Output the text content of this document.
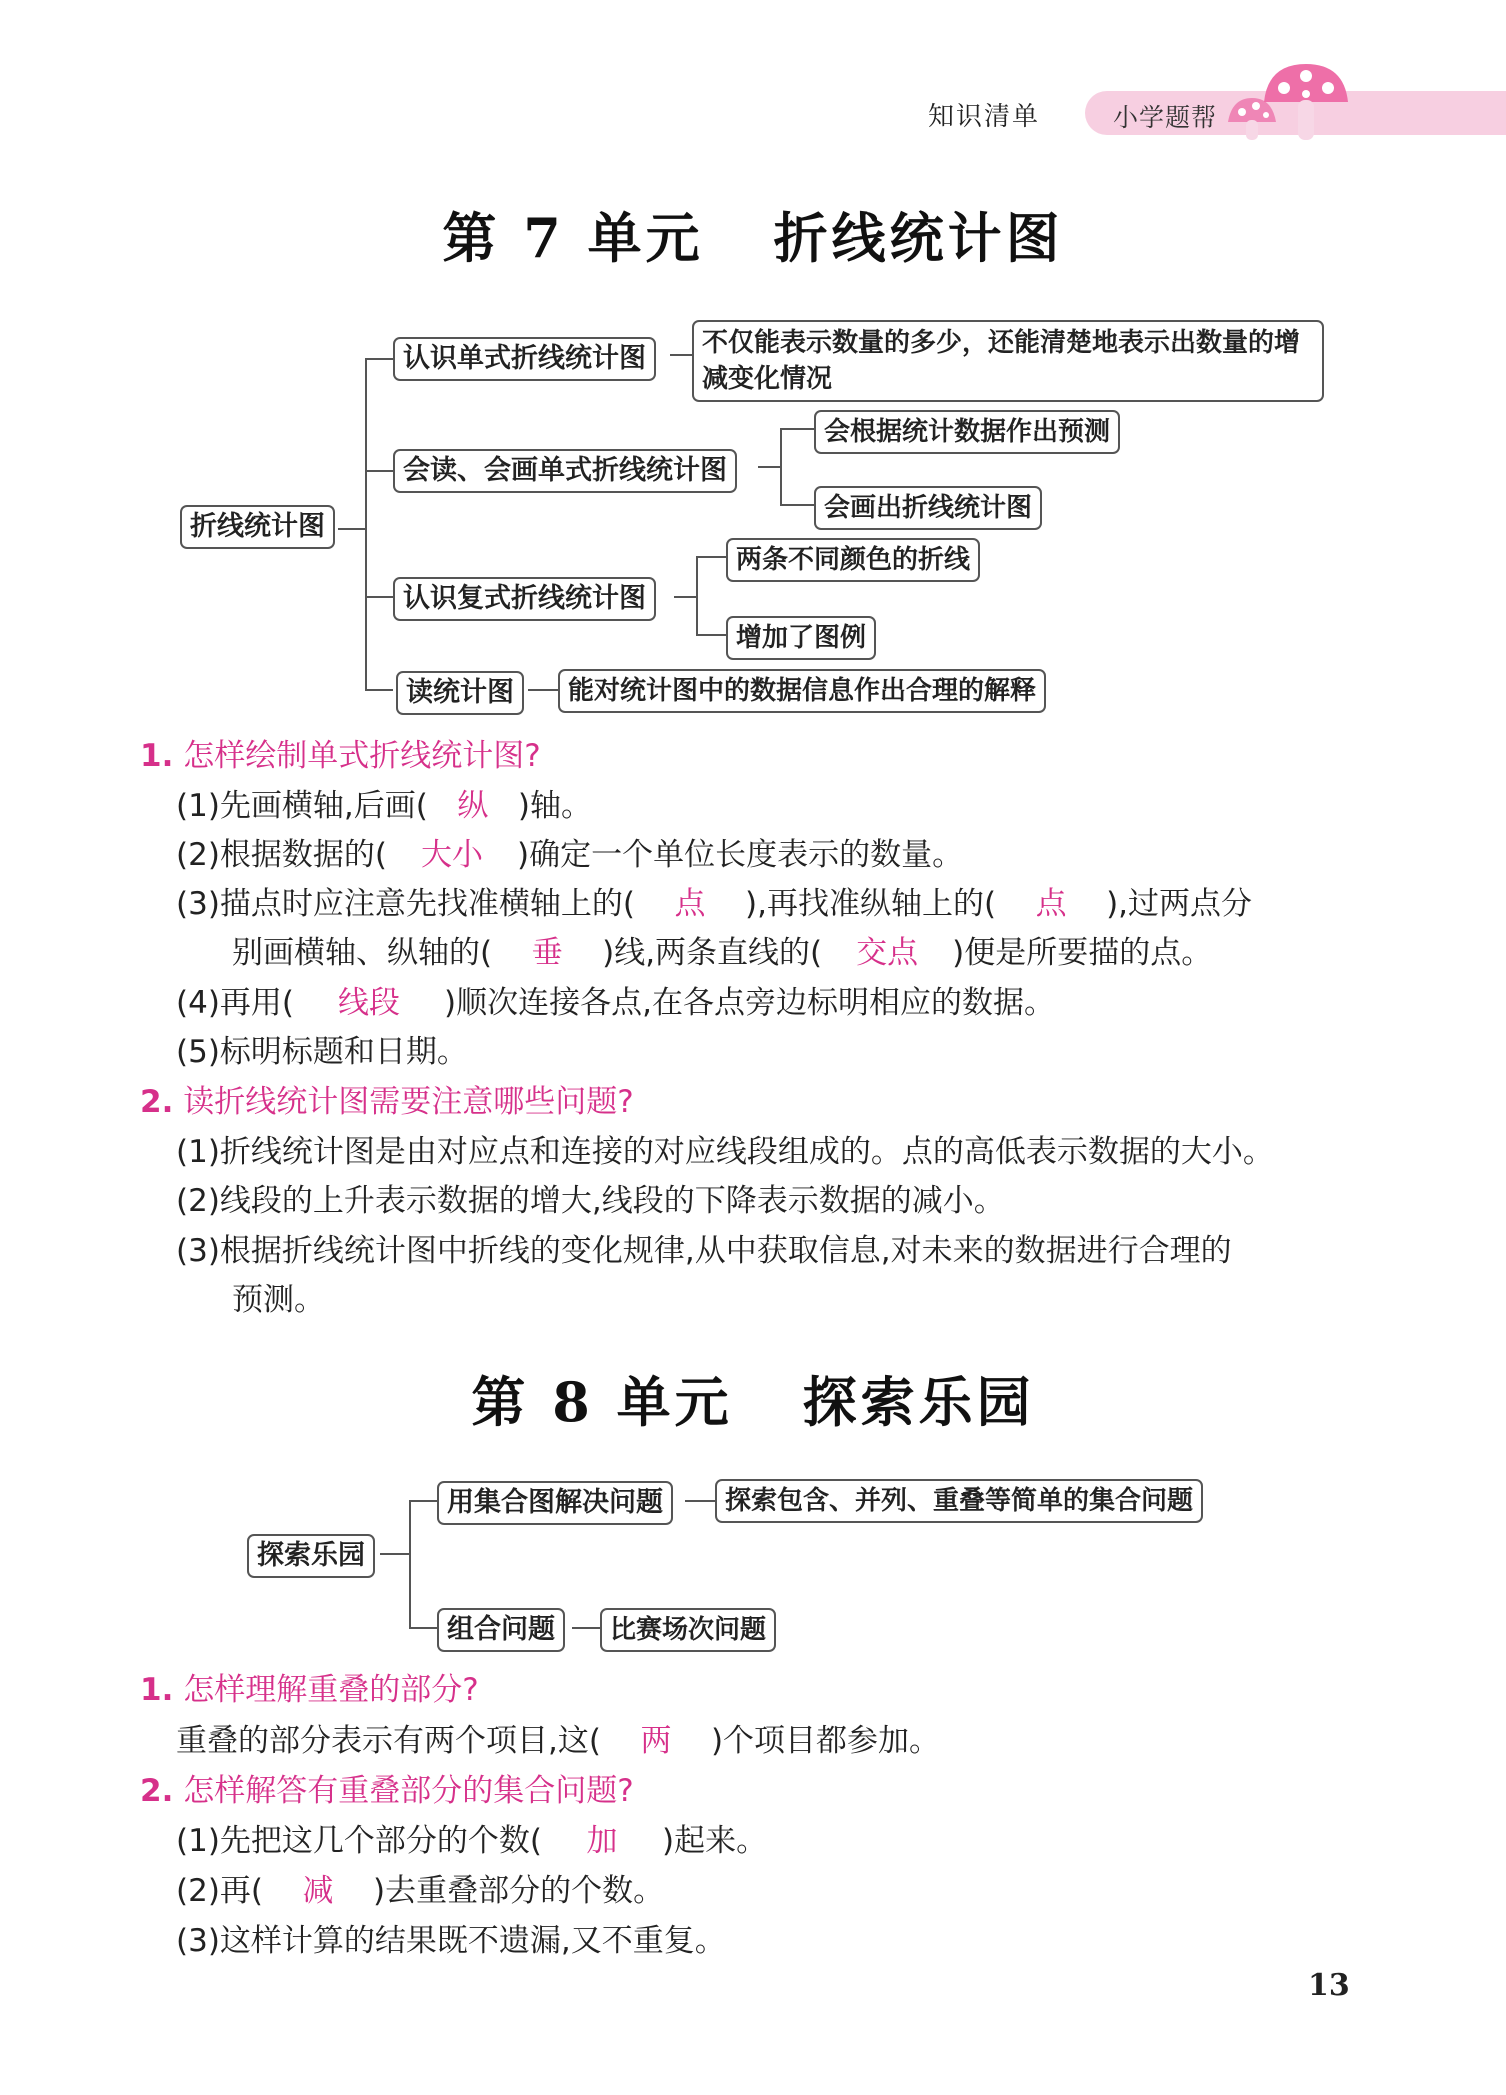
知识清单	小学题帮
第 7 单元 折线统计图
折线统计图
认识单式折线统计图	不仅能表示数量的多少，还能清楚地表示出数量的增减变化情况
会读、会画单式折线统计图
会根据统计数据作出预测
会画出折线统计图
认识复式折线统计图
两条不同颜色的折线
增加了图例
读统计图	能对统计图中的数据信息作出合理的解释
1. 怎样绘制单式折线统计图?
(1)先画横轴,后画( 纵 )轴。
(2)根据数据的( 大小 )确定一个单位长度表示的数量。
(3)描点时应注意先找准横轴上的( 点 ),再找准纵轴上的( 点 ),过两点分
别画横轴、纵轴的( 垂 )线,两条直线的( 交点 )便是所要描的点。
(4)再用( 线段 )顺次连接各点,在各点旁边标明相应的数据。
(5)标明标题和日期。
2. 读折线统计图需要注意哪些问题?
(1)折线统计图是由对应点和连接的对应线段组成的。点的高低表示数据的大小。
(2)线段的上升表示数据的增大,线段的下降表示数据的减小。
(3)根据折线统计图中折线的变化规律,从中获取信息,对未来的数据进行合理的
预测。
第 8 单元 探索乐园
探索乐园
用集合图解决问题	探索包含、并列、重叠等简单的集合问题
组合问题	比赛场次问题
1. 怎样理解重叠的部分?
重叠的部分表示有两个项目,这( 两 )个项目都参加。
2. 怎样解答有重叠部分的集合问题?
(1)先把这几个部分的个数( 加 )起来。
(2)再( 减 )去重叠部分的个数。
(3)这样计算的结果既不遗漏,又不重复。
13
